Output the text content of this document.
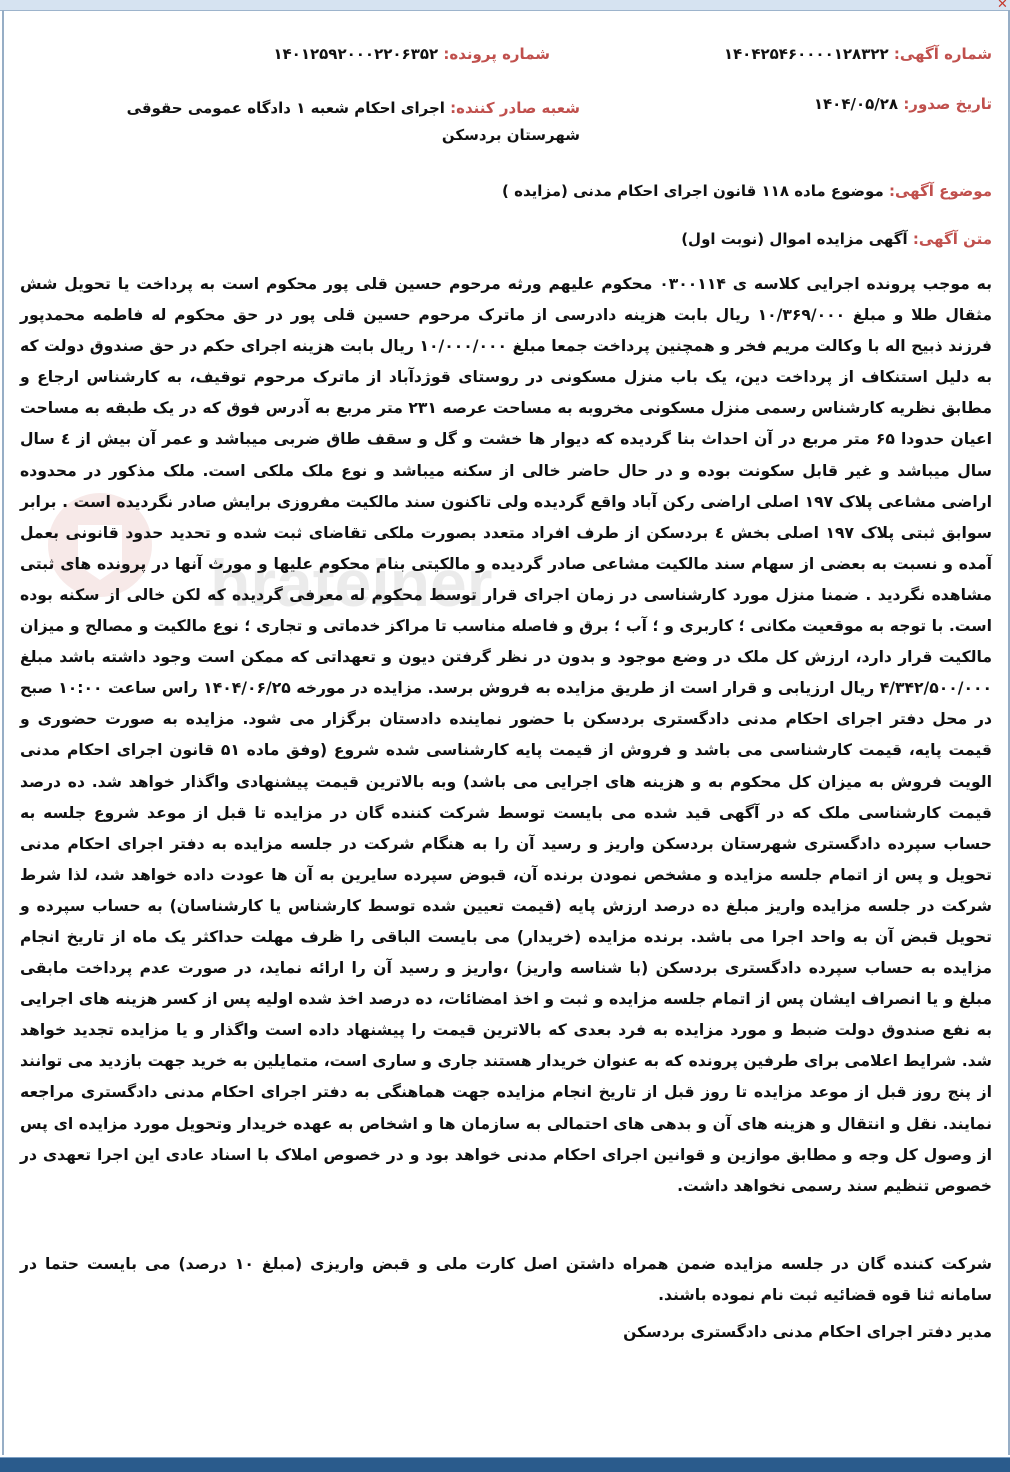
✕
hrateiner
شماره آگهی: ۱۴۰۴۲۵۴۶۰۰۰۰۱۲۸۳۲۲
شماره پرونده: ۱۴۰۱۲۵۹۲۰۰۰۲۲۰۶۳۵۲
تاریخ صدور: ۱۴۰۴/۰۵/۲۸
شعبه صادر کننده: اجرای احکام شعبه ۱ دادگاه عمومی حقوقی شهرستان بردسکن
موضوع آگهی: موضوع ماده ۱۱۸ قانون اجرای احکام مدنی (مزایده )
متن آگهی: آگهی مزایده اموال (نوبت اول)
به موجب پرونده اجرایی کلاسه ی ۰۳۰۰۱۱۴ محکوم علیهم ورثه مرحوم حسین قلی پور محکوم است به پرداخت یا تحویل شش مثقال طلا و مبلغ ۱۰/۳۶۹/۰۰۰ ریال بابت هزینه دادرسی از ماترک مرحوم حسین قلی پور در حق محکوم له فاطمه محمدپور فرزند ذبیح اله با وکالت مریم فخر و همچنین پرداخت جمعا مبلغ ۱۰/۰۰۰/۰۰۰ ریال بابت هزینه اجرای حکم در حق صندوق دولت که به دلیل استنکاف از پرداخت دین، یک باب منزل مسکونی در روستای قوژدآباد از ماترک مرحوم توقیف، به کارشناس ارجاع و مطابق نظریه کارشناس رسمی منزل مسکونی مخروبه به مساحت عرصه ۲۳۱ متر مربع به آدرس فوق که در یک طبقه به مساحت اعیان حدودا ۶۵ متر مربع در آن احداث بنا گردیده که دیوار ها خشت و گل و سقف طاق ضربی میباشد و عمر آن بیش از ٤ سال سال میباشد و غیر قابل سکونت بوده و در حال حاضر خالی از سکنه میباشد و نوع ملک ملکی است. ملک مذکور در محدوده اراضی مشاعی پلاک ۱۹۷ اصلی اراضی رکن آباد واقع گردیده ولی تاکنون سند مالکیت مفروزی برایش صادر نگردیده است . برابر سوابق ثبتی پلاک ۱۹۷ اصلی بخش ٤ بردسکن از طرف افراد متعدد بصورت ملکی تقاضای ثبت شده و تحدید حدود قانونی بعمل آمده و نسبت به بعضی از سهام سند مالکیت مشاعی صادر گردیده و مالکیتی بنام محکوم علیها و مورث آنها در پرونده های ثبتی مشاهده نگردید . ضمنا منزل مورد کارشناسی در زمان اجرای قرار توسط محکوم له معرفی گردیده که لکن خالی از سکنه بوده است. با توجه به موقعیت مکانی ؛ کاربری و ؛ آب ؛ برق و فاصله مناسب تا مراکز خدماتی و تجاری ؛ نوع مالکیت و مصالح و میزان مالکیت قرار دارد، ارزش کل ملک در وضع موجود و بدون در نظر گرفتن دیون و تعهداتی که ممکن است وجود داشته باشد مبلغ ۴/۳۴۲/۵۰۰/۰۰۰ ریال ارزیابی و قرار است از طریق مزایده به فروش برسد. مزایده در مورخه ۱۴۰۴/۰۶/۲۵ راس ساعت ۱۰:۰۰ صبح در محل دفتر اجرای احکام مدنی دادگستری بردسکن با حضور نماینده دادستان برگزار می شود. مزایده به صورت حضوری و قیمت پایه، قیمت کارشناسی می باشد و فروش از قیمت پایه کارشناسی شده شروع (وفق ماده ۵۱ قانون اجرای احکام مدنی الویت فروش به میزان کل محکوم به و هزینه های اجرایی می باشد) وبه بالاترین قیمت پیشنهادی واگذار خواهد شد. ده درصد قیمت کارشناسی ملک که در آگهی قید شده می بایست توسط شرکت کننده گان در مزایده تا قبل از موعد شروع جلسه به حساب سپرده دادگستری شهرستان بردسکن واریز و رسید آن را به هنگام شرکت در جلسه مزایده به دفتر اجرای احکام مدنی تحویل و پس از اتمام جلسه مزایده و مشخص نمودن برنده آن، قبوض سپرده سایرین به آن ها عودت داده خواهد شد، لذا شرط شرکت در جلسه مزایده واریز مبلغ ده درصد ارزش پایه (قیمت تعیین شده توسط کارشناس یا کارشناسان) به حساب سپرده و تحویل قبض آن به واحد اجرا می باشد. برنده مزایده (خریدار) می بایست الباقی را ظرف مهلت حداکثر یک ماه از تاریخ انجام مزایده به حساب سپرده دادگستری بردسکن (با شناسه واریز) ،واریز و رسید آن را ارائه نماید، در صورت عدم پرداخت مابقی مبلغ و یا انصراف ایشان پس از اتمام جلسه مزایده و ثبت و اخذ امضائات، ده درصد اخذ شده اولیه پس از کسر هزینه های اجرایی به نفع صندوق دولت ضبط و مورد مزایده به فرد بعدی که بالاترین قیمت را پیشنهاد داده است واگذار و یا مزایده تجدید خواهد شد. شرایط اعلامی برای طرفین پرونده که به عنوان خریدار هستند جاری و ساری است، متمایلین به خرید جهت بازدید می توانند از پنج روز قبل از موعد مزایده تا روز قبل از تاریخ انجام مزایده جهت هماهنگی به دفتر اجرای احکام مدنی دادگستری مراجعه نمایند. نقل و انتقال و هزینه های آن و بدهی های احتمالی به سازمان ها و اشخاص به عهده خریدار وتحویل مورد مزایده ای پس از وصول کل وجه و مطابق موازین و قوانین اجرای احکام مدنی خواهد بود و در خصوص املاک با اسناد عادی این اجرا تعهدی در خصوص تنظیم سند رسمی نخواهد داشت.
شرکت کننده گان در جلسه مزایده ضمن همراه داشتن اصل کارت ملی و قبض واریزی (مبلغ ۱۰ درصد) می بایست حتما در سامانه ثنا قوه قضائیه ثبت نام نموده باشند.
مدیر دفتر اجرای احکام مدنی دادگستری بردسکن
